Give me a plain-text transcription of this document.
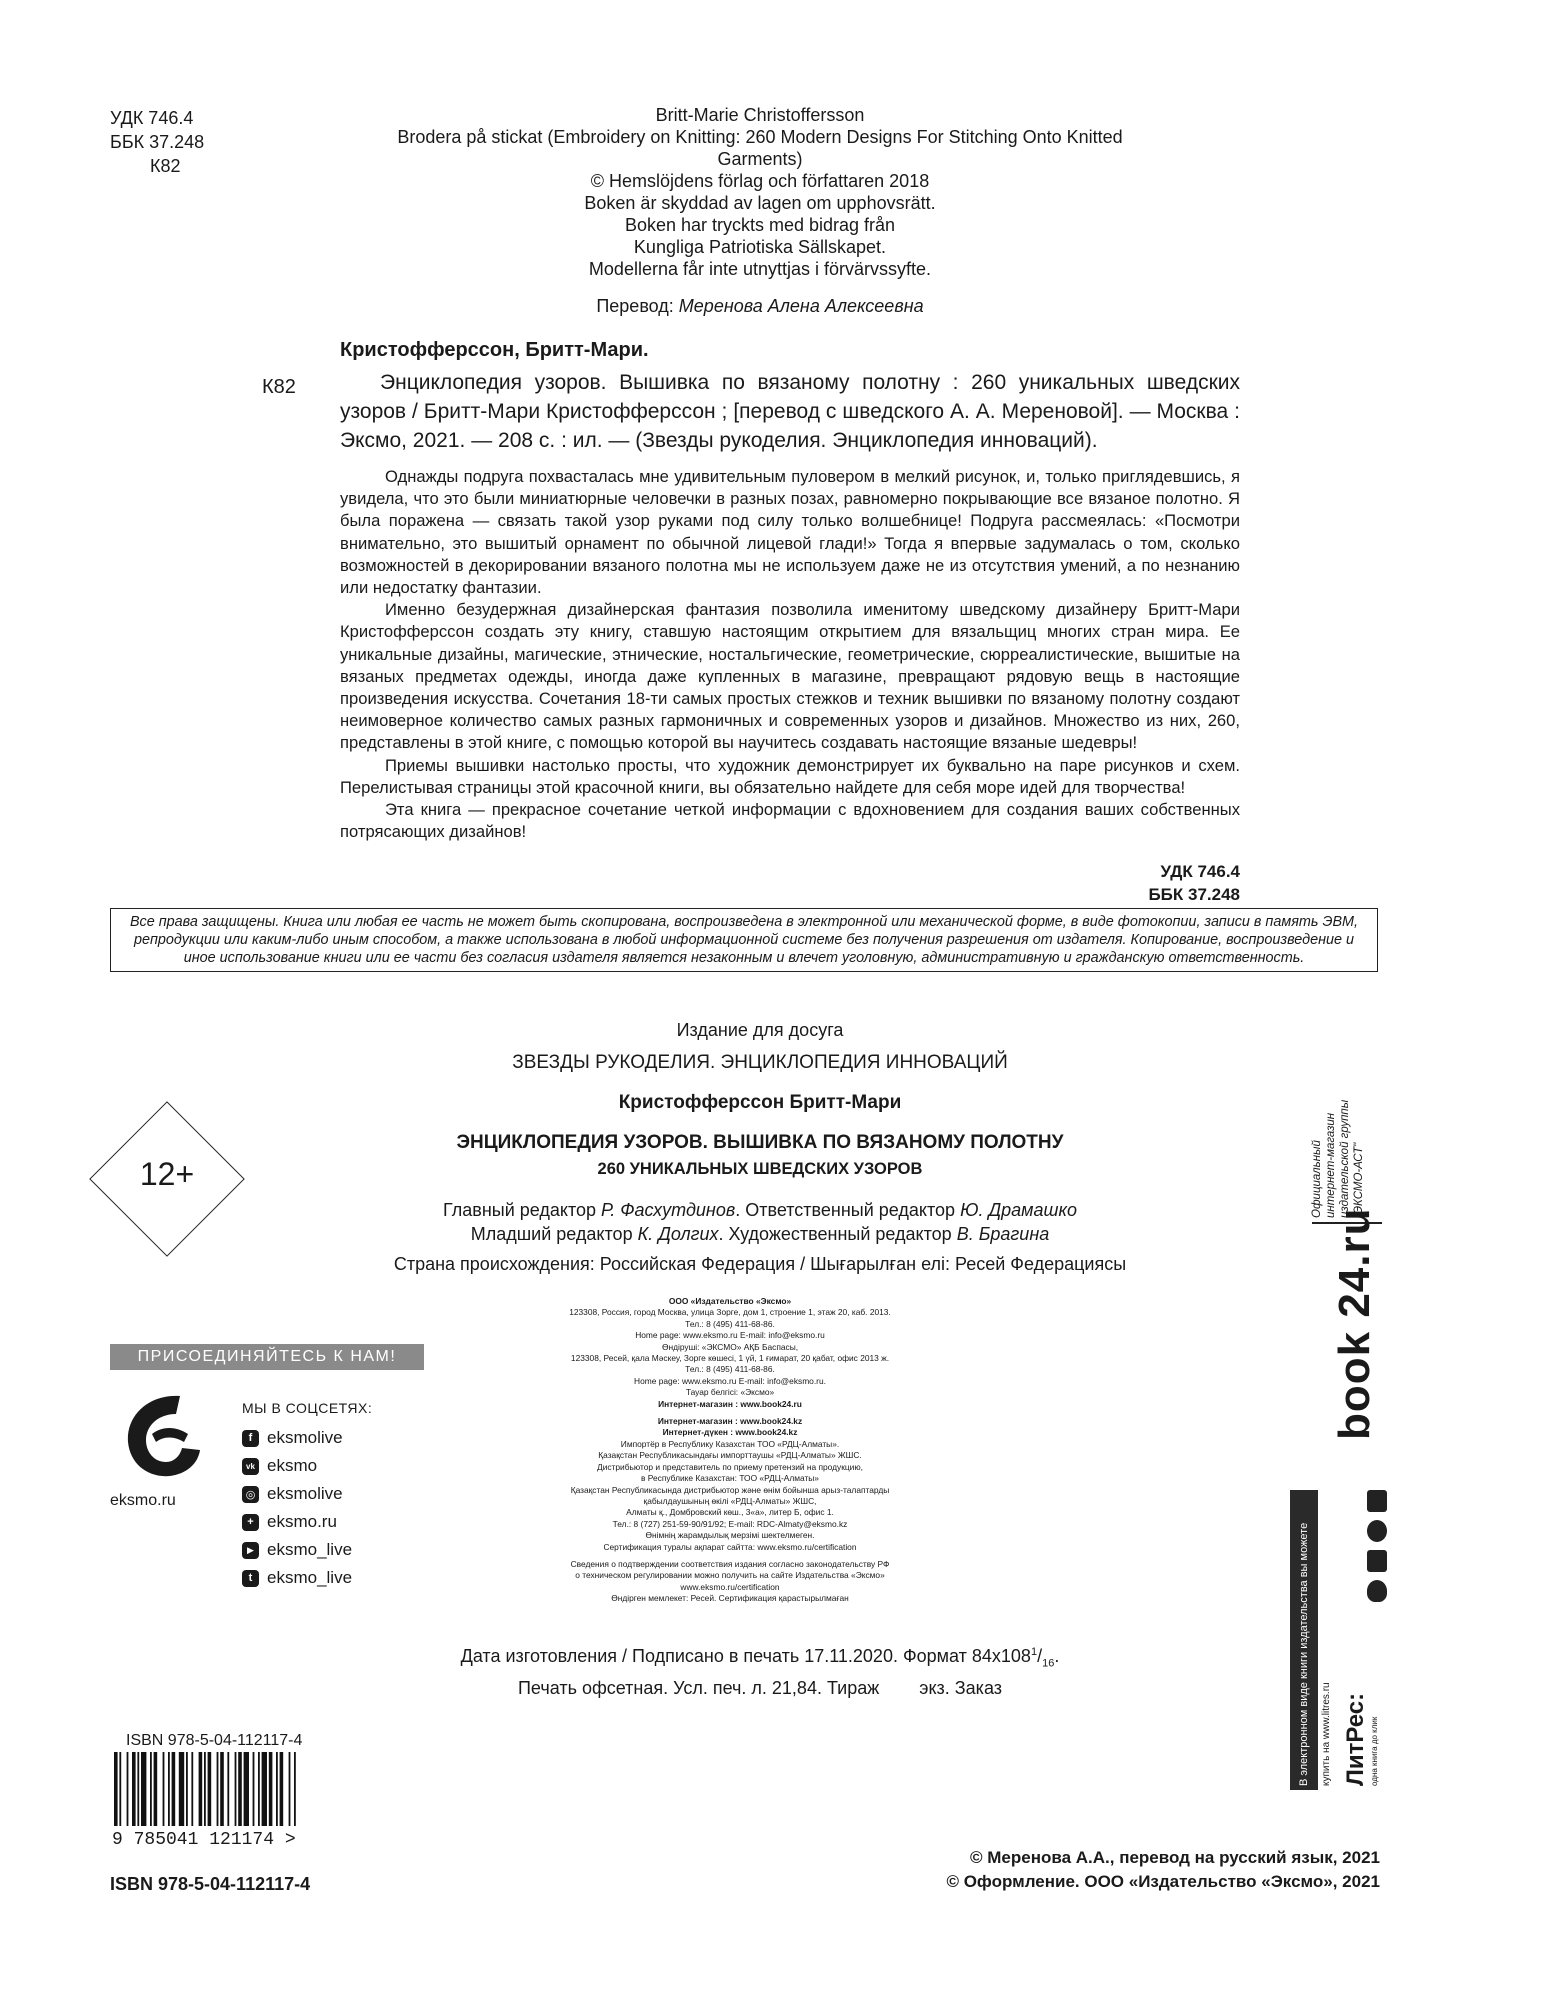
УДК 746.4
ББК 37.248
К82
Britt-Marie Christoffersson
Brodera på stickat (Embroidery on Knitting: 260 Modern Designs For Stitching Onto Knitted
Garments)
© Hemslöjdens förlag och författaren 2018
Boken är skyddad av lagen om upphovsrätt.
Boken har tryckts med bidrag från
Kungliga Patriotiska Sällskapet.
Modellerna får inte utnyttjas i förvärvssyfte.
Перевод: Меренова Алена Алексеевна
Кристофферссон, Бритт-Мари.
К82	Энциклопедия узоров. Вышивка по вязаному полотну : 260 уникальных шведских узоров / Бритт-Мари Кристофферссон ; [перевод с шведского А. А. Мереновой]. — Москва : Эксмо, 2021. — 208 с. : ил. — (Звезды рукоделия. Энциклопедия инноваций).

Однажды подруга похвасталась мне удивительным пуловером в мелкий рисунок, и, только приглядевшись, я увидела, что это были миниатюрные человечки в разных позах, равномерно покрывающие все вязаное полотно. Я была поражена — связать такой узор руками под силу только волшебнице! Подруга рассмеялась: «Посмотри внимательно, это вышитый орнамент по обычной лицевой глади!» Тогда я впервые задумалась о том, сколько возможностей в декорировании вязаного полотна мы не используем даже не из отсутствия умений, а по незнанию или недостатку фантазии.

Именно безудержная дизайнерская фантазия позволила именитому шведскому дизайнеру Бритт-Мари Кристофферссон создать эту книгу, ставшую настоящим открытием для вязальщиц многих стран мира. Ее уникальные дизайны, магические, этнические, ностальгические, геометрические, сюрреалистические, вышитые на вязаных предметах одежды, иногда даже купленных в магазине, превращают рядовую вещь в настоящие произведения искусства. Сочетания 18-ти самых простых стежков и техник вышивки по вязаному полотну создают неимоверное количество самых разных гармоничных и современных узоров и дизайнов. Множество из них, 260, представлены в этой книге, с помощью которой вы научитесь создавать настоящие вязаные шедевры!

Приемы вышивки настолько просты, что художник демонстрирует их буквально на паре рисунков и схем. Перелистывая страницы этой красочной книги, вы обязательно найдете для себя море идей для творчества!

Эта книга — прекрасное сочетание четкой информации с вдохновением для создания ваших собственных потрясающих дизайнов!

УДК 746.4
ББК 37.248
Все права защищены. Книга или любая ее часть не может быть скопирована, воспроизведена в электронной или механической форме, в виде фотокопии, записи в память ЭВМ, репродукции или каким-либо иным способом, а также использована в любой информационной системе без получения разрешения от издателя. Копирование, воспроизведение и иное использование книги или ее части без согласия издателя является незаконным и влечет уголовную, административную и гражданскую ответственность.
Издание для досуга
ЗВЕЗДЫ РУКОДЕЛИЯ. ЭНЦИКЛОПЕДИЯ ИННОВАЦИЙ
Кристофферссон Бритт-Мари
ЭНЦИКЛОПЕДИЯ УЗОРОВ. ВЫШИВКА ПО ВЯЗАНОМУ ПОЛОТНУ
260 УНИКАЛЬНЫХ ШВЕДСКИХ УЗОРОВ
Главный редактор Р. Фасхутдинов. Ответственный редактор Ю. Драмашко
Младший редактор К. Долгих. Художественный редактор В. Брагина
Страна происхождения: Российская Федерация / Шығарылған елі: Ресей Федерациясы
ООО «Издательство «Эксмо»
123308, Россия, город Москва, улица Зорге, дом 1, строение 1, этаж 20, каб. 2013.
Тел.: 8 (495) 411-68-86.
Home page: www.eksmo.ru E-mail: info@eksmo.ru
Өндіруші: «ЭКСМО» АҚБ Баспасы,
123308, Ресей, қала Мәскеу, Зорге көшесі, 1 үй, 1 ғимарат, 20 қабат, офис 2013 ж.
Тел.: 8 (495) 411-68-86.
Home page: www.eksmo.ru E-mail: info@eksmo.ru.
Тауар белгісі: «Эксмо»
Интернет-магазин : www.book24.ru
Интернет-магазин : www.book24.kz
Интернет-дүкен : www.book24.kz
Импортёр в Республику Казахстан ТОО «РДЦ-Алматы».
Қазақстан Республикасындағы импорттаушы «РДЦ-Алматы» ЖШС.
Дистрибьютор и представитель по приему претензий на продукцию,
в Республике Казахстан: ТОО «РДЦ-Алматы»
Қазақстан Республикасында дистрибьютор және өнім бойынша арыз-талаптарды
қабылдаушының өкілі «РДЦ-Алматы» ЖШС,
Алматы қ., Домбровский көш., 3«а», литер Б, офис 1.
Тел.: 8 (727) 251-59-90/91/92; E-mail: RDC-Almaty@eksmo.kz
Өнімнің жарамдылық мерзімі шектелмеген.
Сертификация туралы ақпарат сайтта: www.eksmo.ru/certification
Сведения о подтверждении соответствия издания согласно законодательству РФ
о техническом регулировании можно получить на сайте Издательства «Эксмо»
www.eksmo.ru/certification
Өндірген мемлекет: Ресей. Сертификация қарастырылмаған
12+
ПРИСОЕДИНЯЙТЕСЬ К НАМ!
eksmo.ru
МЫ В СОЦСЕТЯХ:
f eksmolive
vk eksmo
◎ eksmolive
+ eksmo.ru
▶ eksmo_live
t eksmo_live
Дата изготовления / Подписано в печать 17.11.2020. Формат $84x108^1/_{16}$.
Печать офсетная. Усл. печ. л. 21,84. Тираж        экз. Заказ
ISBN 978-5-04-112117-4
9 785041 121174 >
ISBN 978-5-04-112117-4
© Меренова А.А., перевод на русский язык, 2021
© Оформление. ООО «Издательство «Эксмо», 2021
Официальный интернет-магазин издательской группы "ЭКСМО-АСТ"
book 24.ru
В электронном виде книги издательства вы можете	купить на www.litres.ru ЛитРес: одна книга до клик
